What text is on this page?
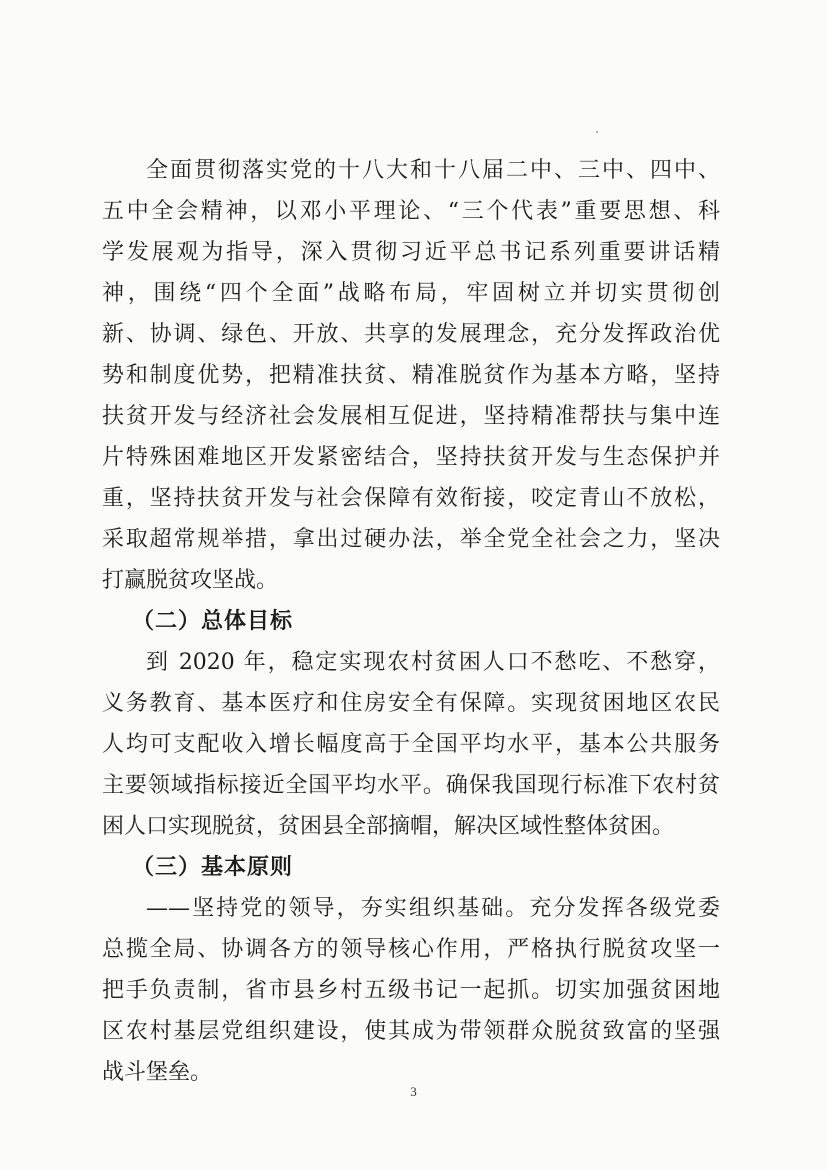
全面贯彻落实党的十八大和十八届二中、三中、四中、
五中全会精神，以邓小平理论、“三个代表”重要思想、科
学发展观为指导，深入贯彻习近平总书记系列重要讲话精
神，围绕“四个全面”战略布局，牢固树立并切实贯彻创
新、协调、绿色、开放、共享的发展理念，充分发挥政治优
势和制度优势，把精准扶贫、精准脱贫作为基本方略，坚持
扶贫开发与经济社会发展相互促进，坚持精准帮扶与集中连
片特殊困难地区开发紧密结合，坚持扶贫开发与生态保护并
重，坚持扶贫开发与社会保障有效衔接，咬定青山不放松，
采取超常规举措，拿出过硬办法，举全党全社会之力，坚决
打赢脱贫攻坚战。
（二）总体目标
到 2020 年，稳定实现农村贫困人口不愁吃、不愁穿，
义务教育、基本医疗和住房安全有保障。实现贫困地区农民
人均可支配收入增长幅度高于全国平均水平，基本公共服务
主要领域指标接近全国平均水平。确保我国现行标准下农村贫
困人口实现脱贫，贫困县全部摘帽，解决区域性整体贫困。
（三）基本原则
——坚持党的领导，夯实组织基础。充分发挥各级党委
总揽全局、协调各方的领导核心作用，严格执行脱贫攻坚一
把手负责制，省市县乡村五级书记一起抓。切实加强贫困地
区农村基层党组织建设，使其成为带领群众脱贫致富的坚强
战斗堡垒。
3
